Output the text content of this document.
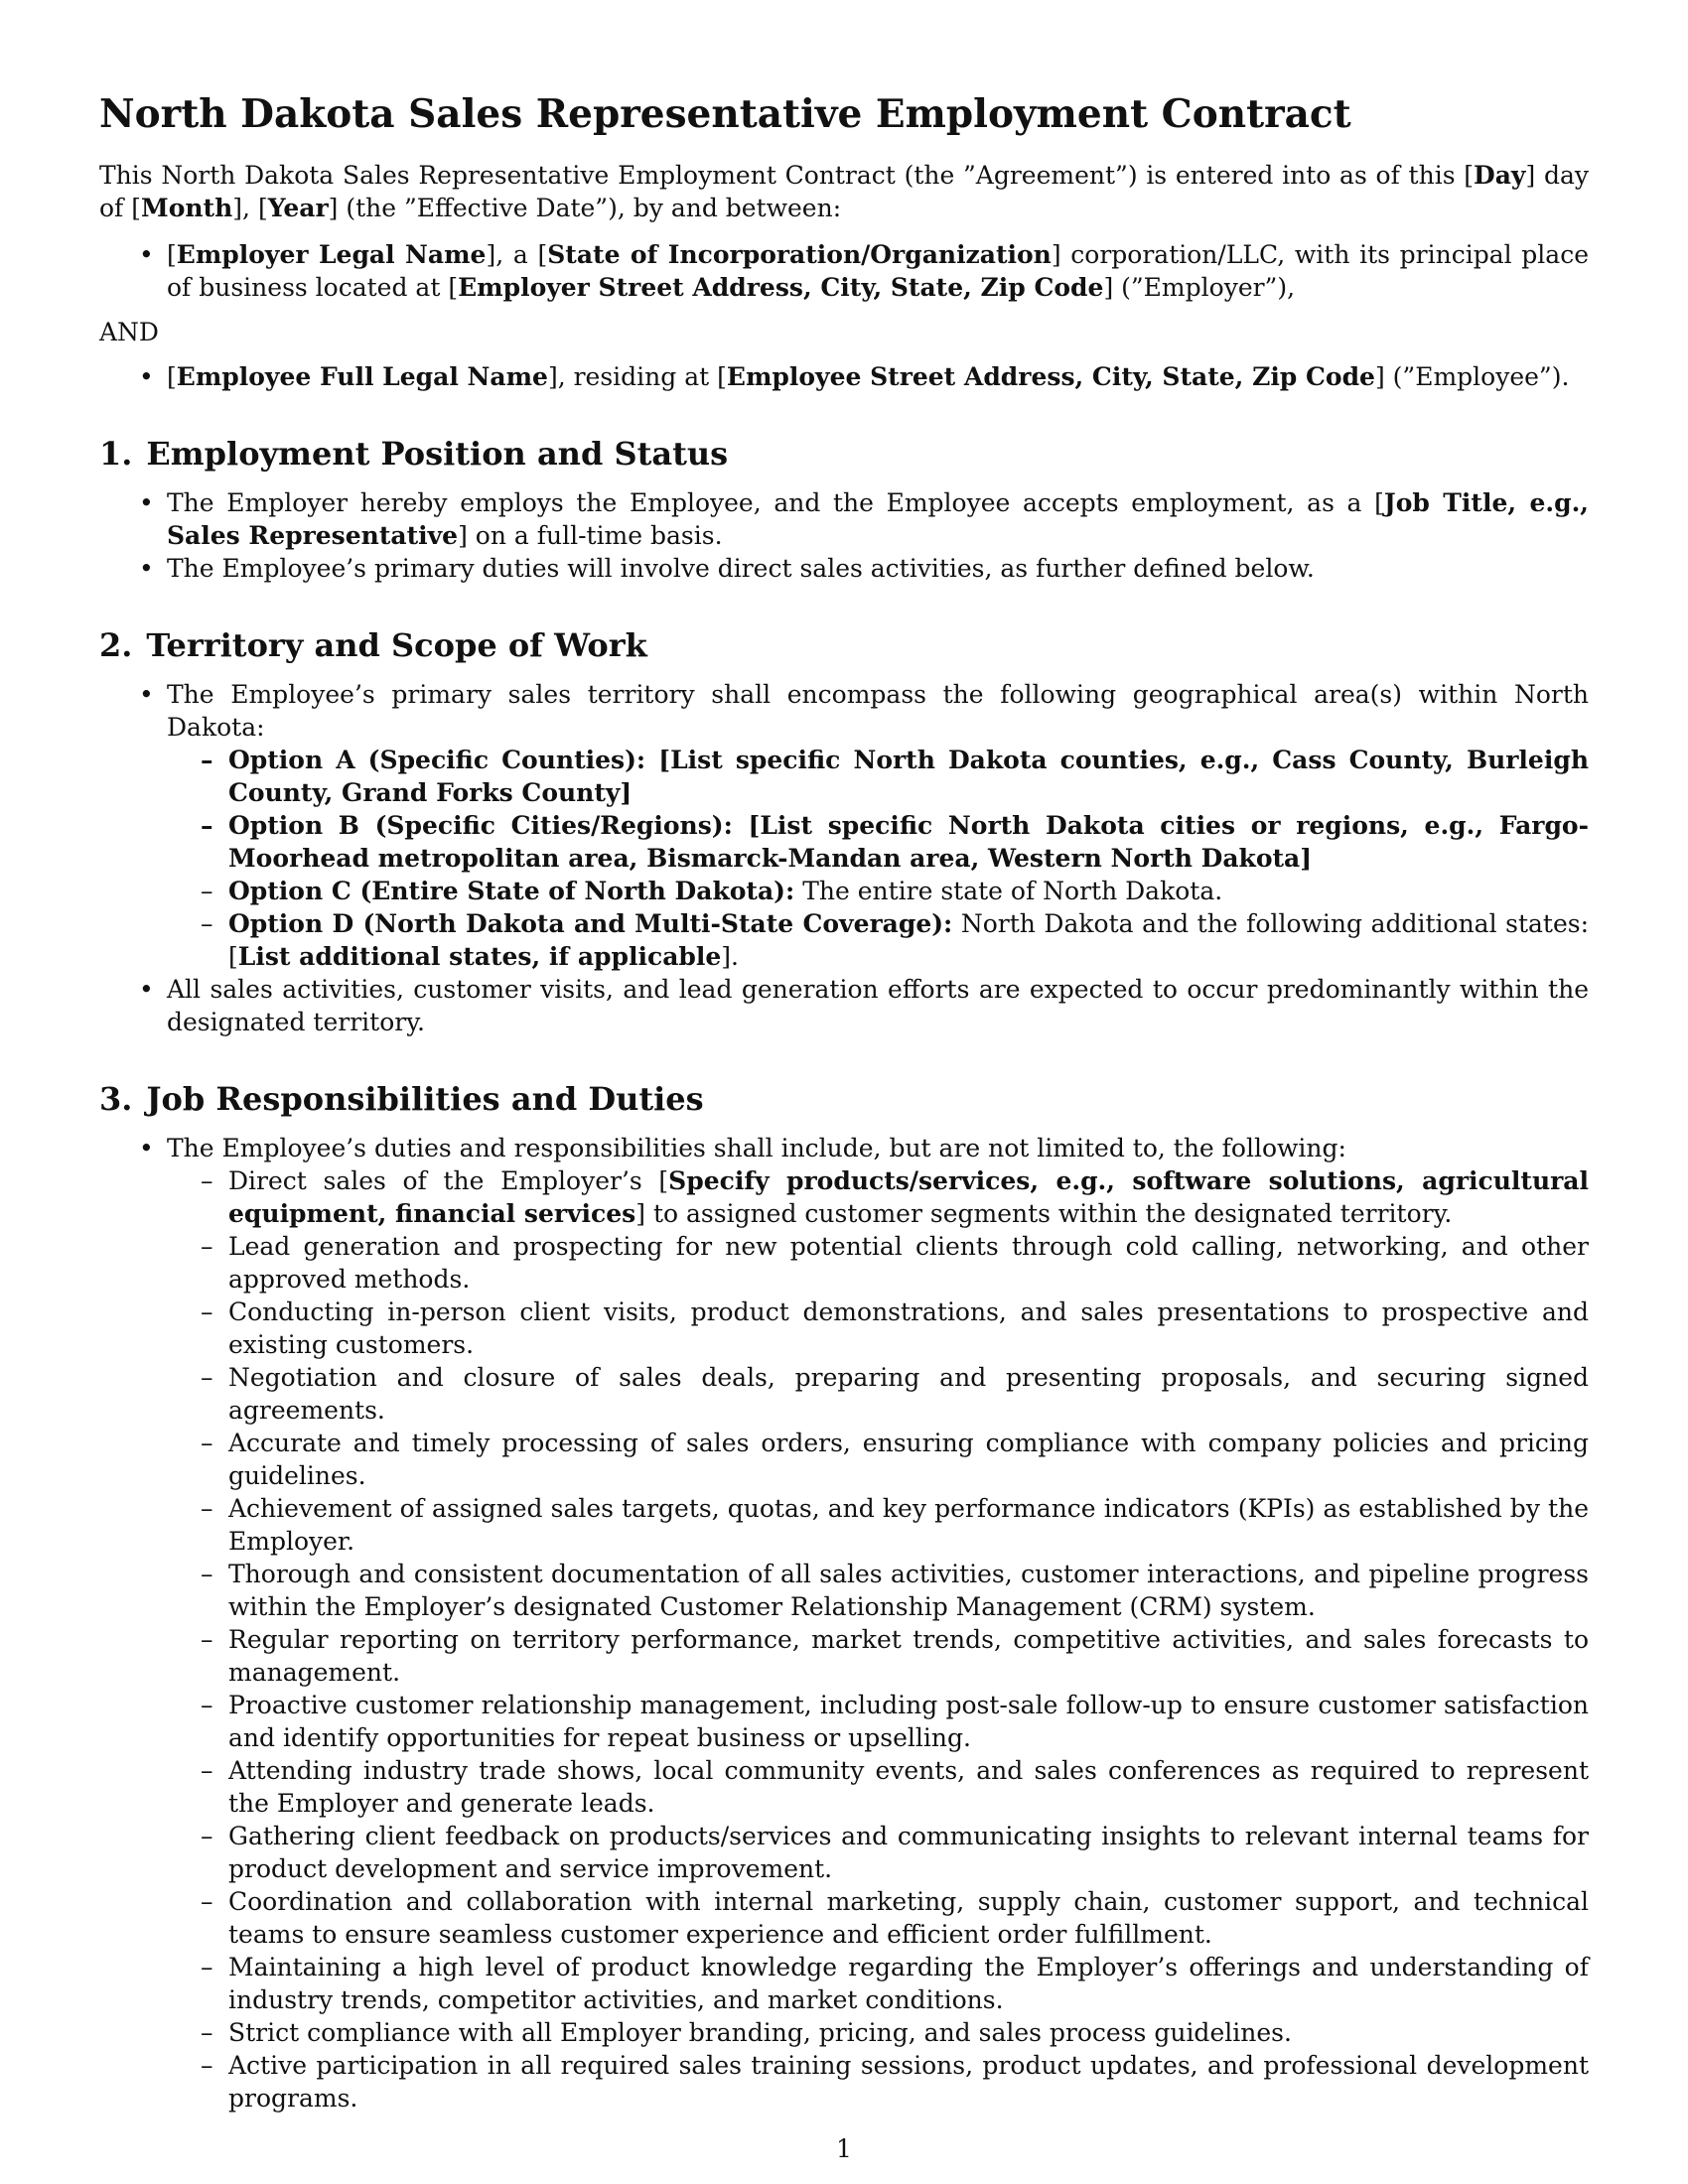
North Dakota Sales Representative Employment Contract

This North Dakota Sales Representative Employment Contract (the ”Agreement”) is entered into as of this [Day] day of [Month], [Year] (the ”Effective Date”), by and between:

• [Employer Legal Name], a [State of Incorporation/Organization] corporation/LLC, with its principal place of business located at [Employer Street Address, City, State, Zip Code] (”Employer”),

AND

• [Employee Full Legal Name], residing at [Employee Street Address, City, State, Zip Code] (”Employee”).
1. Employment Position and Status
• The Employer hereby employs the Employee, and the Employee accepts employment, as a [Job Title, e.g., Sales Representative] on a full-time basis.
• The Employee’s primary duties will involve direct sales activities, as further defined below.
2. Territory and Scope of Work
• The Employee’s primary sales territory shall encompass the following geographical area(s) within North Dakota:
– Option A (Specific Counties): [List specific North Dakota counties, e.g., Cass County, Burleigh County, Grand Forks County]
– Option B (Specific Cities/Regions): [List specific North Dakota cities or regions, e.g., Fargo-Moorhead metropolitan area, Bismarck-Mandan area, Western North Dakota]
– Option C (Entire State of North Dakota): The entire state of North Dakota.
– Option D (North Dakota and Multi-State Coverage): North Dakota and the following additional states: [List additional states, if applicable].
• All sales activities, customer visits, and lead generation efforts are expected to occur predominantly within the designated territory.
3. Job Responsibilities and Duties
• The Employee’s duties and responsibilities shall include, but are not limited to, the following:
– Direct sales of the Employer’s [Specify products/services, e.g., software solutions, agricultural equipment, financial services] to assigned customer segments within the designated territory.
– Lead generation and prospecting for new potential clients through cold calling, networking, and other approved methods.
– Conducting in-person client visits, product demonstrations, and sales presentations to prospective and existing customers.
– Negotiation and closure of sales deals, preparing and presenting proposals, and securing signed agreements.
– Accurate and timely processing of sales orders, ensuring compliance with company policies and pricing guidelines.
– Achievement of assigned sales targets, quotas, and key performance indicators (KPIs) as established by the Employer.
– Thorough and consistent documentation of all sales activities, customer interactions, and pipeline progress within the Employer’s designated Customer Relationship Management (CRM) system.
– Regular reporting on territory performance, market trends, competitive activities, and sales forecasts to management.
– Proactive customer relationship management, including post-sale follow-up to ensure customer satisfaction and identify opportunities for repeat business or upselling.
– Attending industry trade shows, local community events, and sales conferences as required to represent the Employer and generate leads.
– Gathering client feedback on products/services and communicating insights to relevant internal teams for product development and service improvement.
– Coordination and collaboration with internal marketing, supply chain, customer support, and technical teams to ensure seamless customer experience and efficient order fulfillment.
– Maintaining a high level of product knowledge regarding the Employer’s offerings and understanding of industry trends, competitor activities, and market conditions.
– Strict compliance with all Employer branding, pricing, and sales process guidelines.
– Active participation in all required sales training sessions, product updates, and professional development programs.
1
